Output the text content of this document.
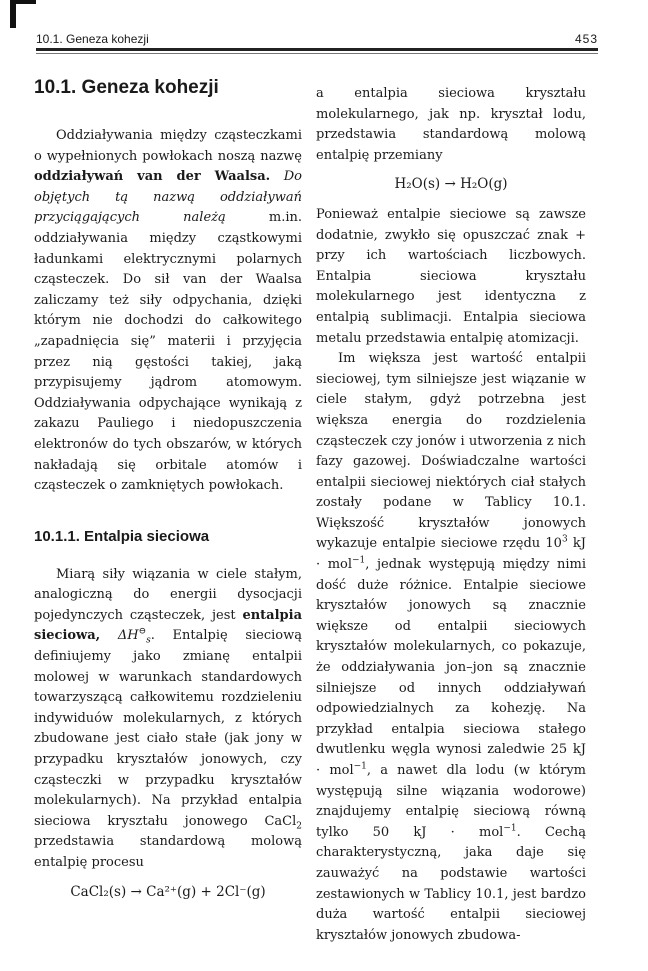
10.1. Geneza kohezji	453
10.1. Geneza kohezji

Oddziaływania między cząsteczkami o wypełnionych powłokach noszą nazwę oddziaływań van der Waalsa. Do objętych tą nazwą oddziaływań przyciągających należą m.in. oddziaływania między cząstkowymi ładunkami elektrycznymi polarnych cząsteczek. Do sił van der Waalsa zaliczamy też siły odpychania, dzięki którym nie dochodzi do całkowitego „zapadnięcia się” materii i przyjęcia przez nią gęstości takiej, jaką przypisujemy jądrom atomowym. Oddziaływania odpychające wynikają z zakazu Pauliego i niedopuszczenia elektronów do tych obszarów, w których nakładają się orbitale atomów i cząsteczek o zamkniętych powłokach.

10.1.1. Entalpia sieciowa

Miarą siły wiązania w ciele stałym, analogiczną do energii dysocjacji pojedynczych cząsteczek, jest entalpia sieciowa, $\Delta H^⊖_s$. Entalpię sieciową definiujemy jako zmianę entalpii molowej w warunkach standardowych towarzyszącą całkowitemu rozdzieleniu indywiduów molekularnych, z których zbudowane jest ciało stałe (jak jony w przypadku kryształów jonowych, czy cząsteczki w przypadku kryształów molekularnych). Na przykład entalpia sieciowa kryształu jonowego CaCl$_2$ przedstawia standardową molową entalpię procesu

CaCl₂(s) → Ca²⁺(g) + 2Cl⁻(g)

a entalpia sieciowa kryształu molekularnego, jak np. kryształ lodu, przedstawia standardową molową entalpię przemiany

H₂O(s) → H₂O(g)

Ponieważ entalpie sieciowe są zawsze dodatnie, zwykło się opuszczać znak + przy ich wartościach liczbowych. Entalpia sieciowa kryształu molekularnego jest identyczna z entalpią sublimacji. Entalpia sieciowa metalu przedstawia entalpię atomizacji.

Im większa jest wartość entalpii sieciowej, tym silniejsze jest wiązanie w ciele stałym, gdyż potrzebna jest większa energia do rozdzielenia cząsteczek czy jonów i utworzenia z nich fazy gazowej. Doświadczalne wartości entalpii sieciowej niektórych ciał stałych zostały podane w Tablicy 10.1. Większość kryształów jonowych wykazuje entalpie sieciowe rzędu $10^3$ kJ · mol$^{-1}$, jednak występują między nimi dość duże różnice. Entalpie sieciowe kryształów jonowych są znacznie większe od entalpii sieciowych kryształów molekularnych, co pokazuje, że oddziaływania jon–jon są znacznie silniejsze od innych oddziaływań odpowiedzialnych za kohezję. Na przykład entalpia sieciowa stałego dwutlenku węgla wynosi zaledwie 25 kJ · mol$^{-1}$, a nawet dla lodu (w którym występują silne wiązania wodorowe) znajdujemy entalpię sieciową równą tylko 50 kJ · mol$^{-1}$. Cechą charakterystyczną, jaka daje się zauważyć na podstawie wartości zestawionych w Tablicy 10.1, jest bardzo duża wartość entalpii sieciowej kryształów jonowych zbudowa-
